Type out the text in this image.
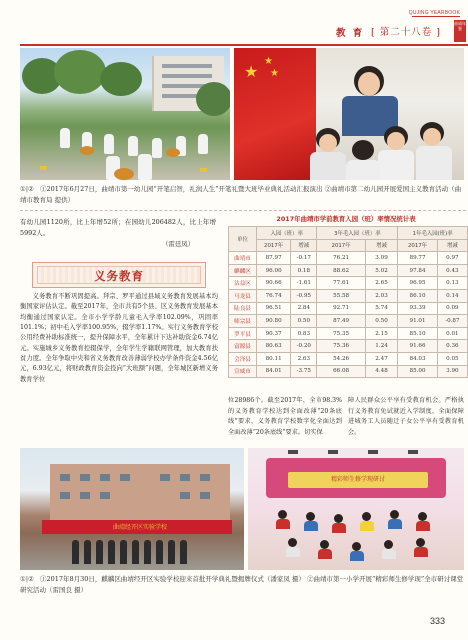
QUJING YEARBOOK
教 育 [ 第二十八卷 ]
曲靖年鉴
★
★
★
①|② ①2017年6月27日，曲靖市第一幼儿园“开笔启智，礼润人生”开笔礼暨大班毕业典礼活动汇报演出 ②曲靖市第二幼儿园开展爱国主义教育活动（曲靖市教育局 提供）

有幼儿园1120所，比上年增52所；在园幼儿206482人，比上年增5992人。

（雷廷凤）

义务教育

义务教育不断巩固提高。拜宗、罗平通过县域义务教育发展基本均衡国家评估认定。截至2017年，全市共有5个县、区义务教育发展基本均衡通过国家认定。全市小学学龄儿童毛入学率102.09%，巩固率101.1%；初中毛入学率100.95%，辍学率1.17%。实行义务教育学校公用经费补助标准统一，提升保障水平，全年累计下达补助资金6.74亿元。实施城乡义务教育控辍保学，全年学生学籍联网管理，加大教育扶贫力度。全年争取中央和省义务教育改善薄弱学校办学条件资金4.56亿元，6.93亿元，将财政教育资金投向“大班额”问题，全年城区新增义务教育学位

2017年曲靖市学前教育入园（班）率情况统计表
单位	入园（班）率		3年毛入园（班）率		1年毛入园(班)率	
	2017年	增减	2017年	增减	2017年	增减
曲靖市	87.97	-0.17	76.21	3.09	89.77	0.97
麒麟区	96.00	0.18	88.62	5.02	97.84	0.43
沾益区	90.66	-1.61	77.61	2.65	96.95	0.13
马龙县	76.74	-0.95	55.58	2.03	86.10	0.14
陆良县	96.51	2.84	92.71	5.74	93.39	0.09
师宗县	90.80	0.50	87.49	0.50	91.01	-0.87
罗平县	90.37	0.83	75.35	2.15	85.10	0.01
富源县	80.63	-0.20	75.36	1.24	91.66	0.36
会泽县	80.11	2.63	54.26	2.47	84.03	0.05
宣威市	84.01	-3.75	66.08	4.48	85.00	3.90

位28986个。截至2017年，全市98.3%的义务教育学校达到全面改薄“20条底线”要求，义务教育学校数字化全面达到全面改薄“20条底线”要求。切实保

障人民群众公平享有受教育机会。严格执行义务教育免试就近入学制度，全面保障进城务工人员随迁子女公平享有受教育机会。

曲靖经开区实验学校
精彩师生修学现研讨
①|② ①2017年8月30日，麒麟区曲靖经开区实验学校迎来首批开学典礼暨揭牌仪式（潘家凤 摄） ②曲靖市第一小学开展“精彩师生修学现”全市研讨课堂研究活动（雷国良 摄）
333
